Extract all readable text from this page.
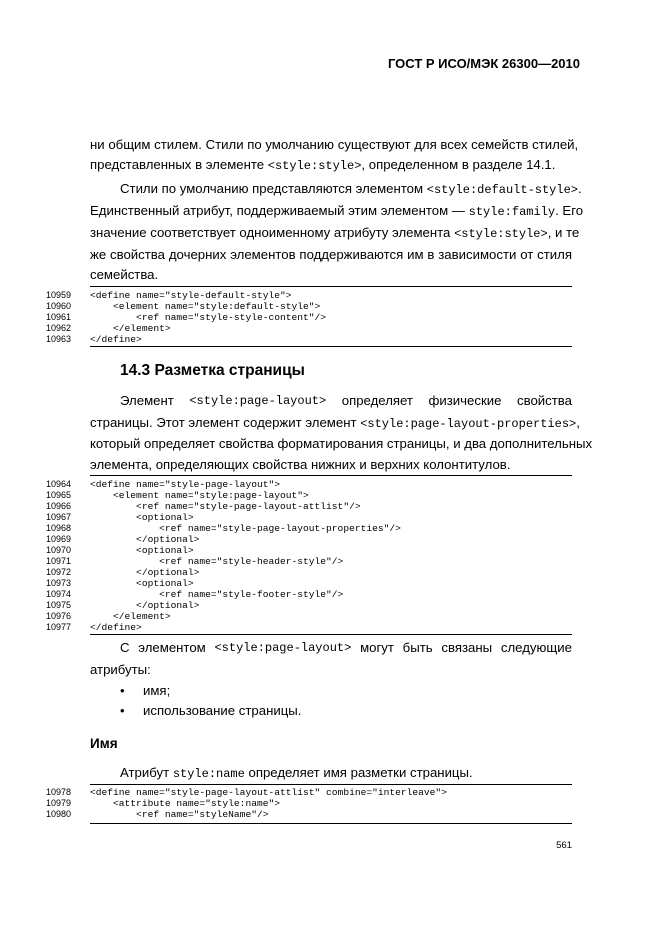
ГОСТ Р ИСО/МЭК 26300—2010
ни общим стилем. Стили по умолчанию существуют для всех семейств стилей,
представленных в элементе <style:style>, определенном в разделе 14.1.
Стили по умолчанию представляются элементом <style:default-style>.
Единственный атрибут, поддерживаемый этим элементом — style:family. Его
значение соответствует одноименному атрибуту элемента <style:style>, и те
же свойства дочерних элементов поддерживаются им в зависимости от стиля
семейства.
10959	<define name="style-default-style">
10960	<element name="style:default-style">
10961	<ref name="style-style-content"/>
10962	</element>
10963	</define>
14.3 Разметка страницы
Элемент <style:page-layout> определяет физические свойства
страницы. Этот элемент содержит элемент <style:page-layout-properties>,
который определяет свойства форматирования страницы, и два дополнительных
элемента, определяющих свойства нижних и верхних колонтитулов.
10964	<define name="style-page-layout">
10965	<element name="style:page-layout">
10966	<ref name="style-page-layout-attlist"/>
10967	<optional>
10968	<ref name="style-page-layout-properties"/>
10969	</optional>
10970	<optional>
10971	<ref name="style-header-style"/>
10972	</optional>
10973	<optional>
10974	<ref name="style-footer-style"/>
10975	</optional>
10976	</element>
10977	</define>
С элементом <style:page-layout> могут быть связаны следующие
атрибуты:
• имя;
• использование страницы.
Имя
Атрибут style:name определяет имя разметки страницы.
10978	<define name="style-page-layout-attlist" combine="interleave">
10979	<attribute name="style:name">
10980	<ref name="styleName"/>
561
